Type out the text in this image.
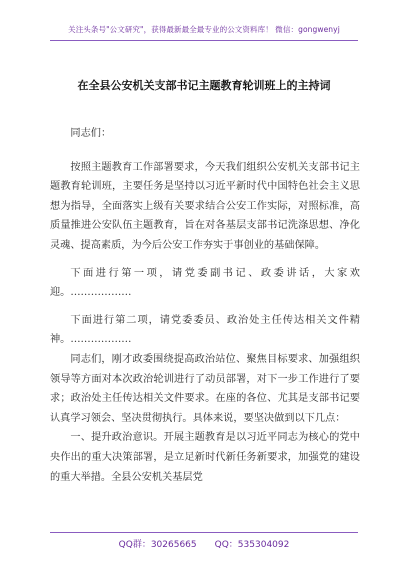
关注头条号"公文研究"，获得最新最全最专业的公文资料库！ 微信：gongwenyj
在全县公安机关支部书记主题教育轮训班上的主持词

同志们：

按照主题教育工作部署要求，今天我们组织公安机关支部书记主题教育轮训班，主要任务是坚持以习近平新时代中国特色社会主义思想为指导，全面落实上级有关要求结合公安工作实际，对照标准，高质量推进公安队伍主题教育，旨在对各基层支部书记洗涤思想、净化灵魂、提高素质，为今后公安工作夯实于事创业的基础保障。

下面进行第一项，请党委副书记、政委讲话，大家欢迎。………………

下面进行第二项，请党委委员、政治处主任传达相关文件精神。………………

同志们，刚才政委围绕提高政治站位、聚焦目标要求、加强组织领导等方面对本次政治轮训进行了动员部署，对下一步工作进行了要求；政治处主任传达相关文件要求。在座的各位、尤其是支部书记要认真学习领会、坚决贯彻执行。具体来说，要坚决做到以下几点：

一、提升政治意识。开展主题教育是以习近平同志为核心的党中央作出的重大决策部署，是立足新时代新任务新要求，加强党的建设的重大举措。全县公安机关基层党

QQ群：30265665 QQ：535304092
